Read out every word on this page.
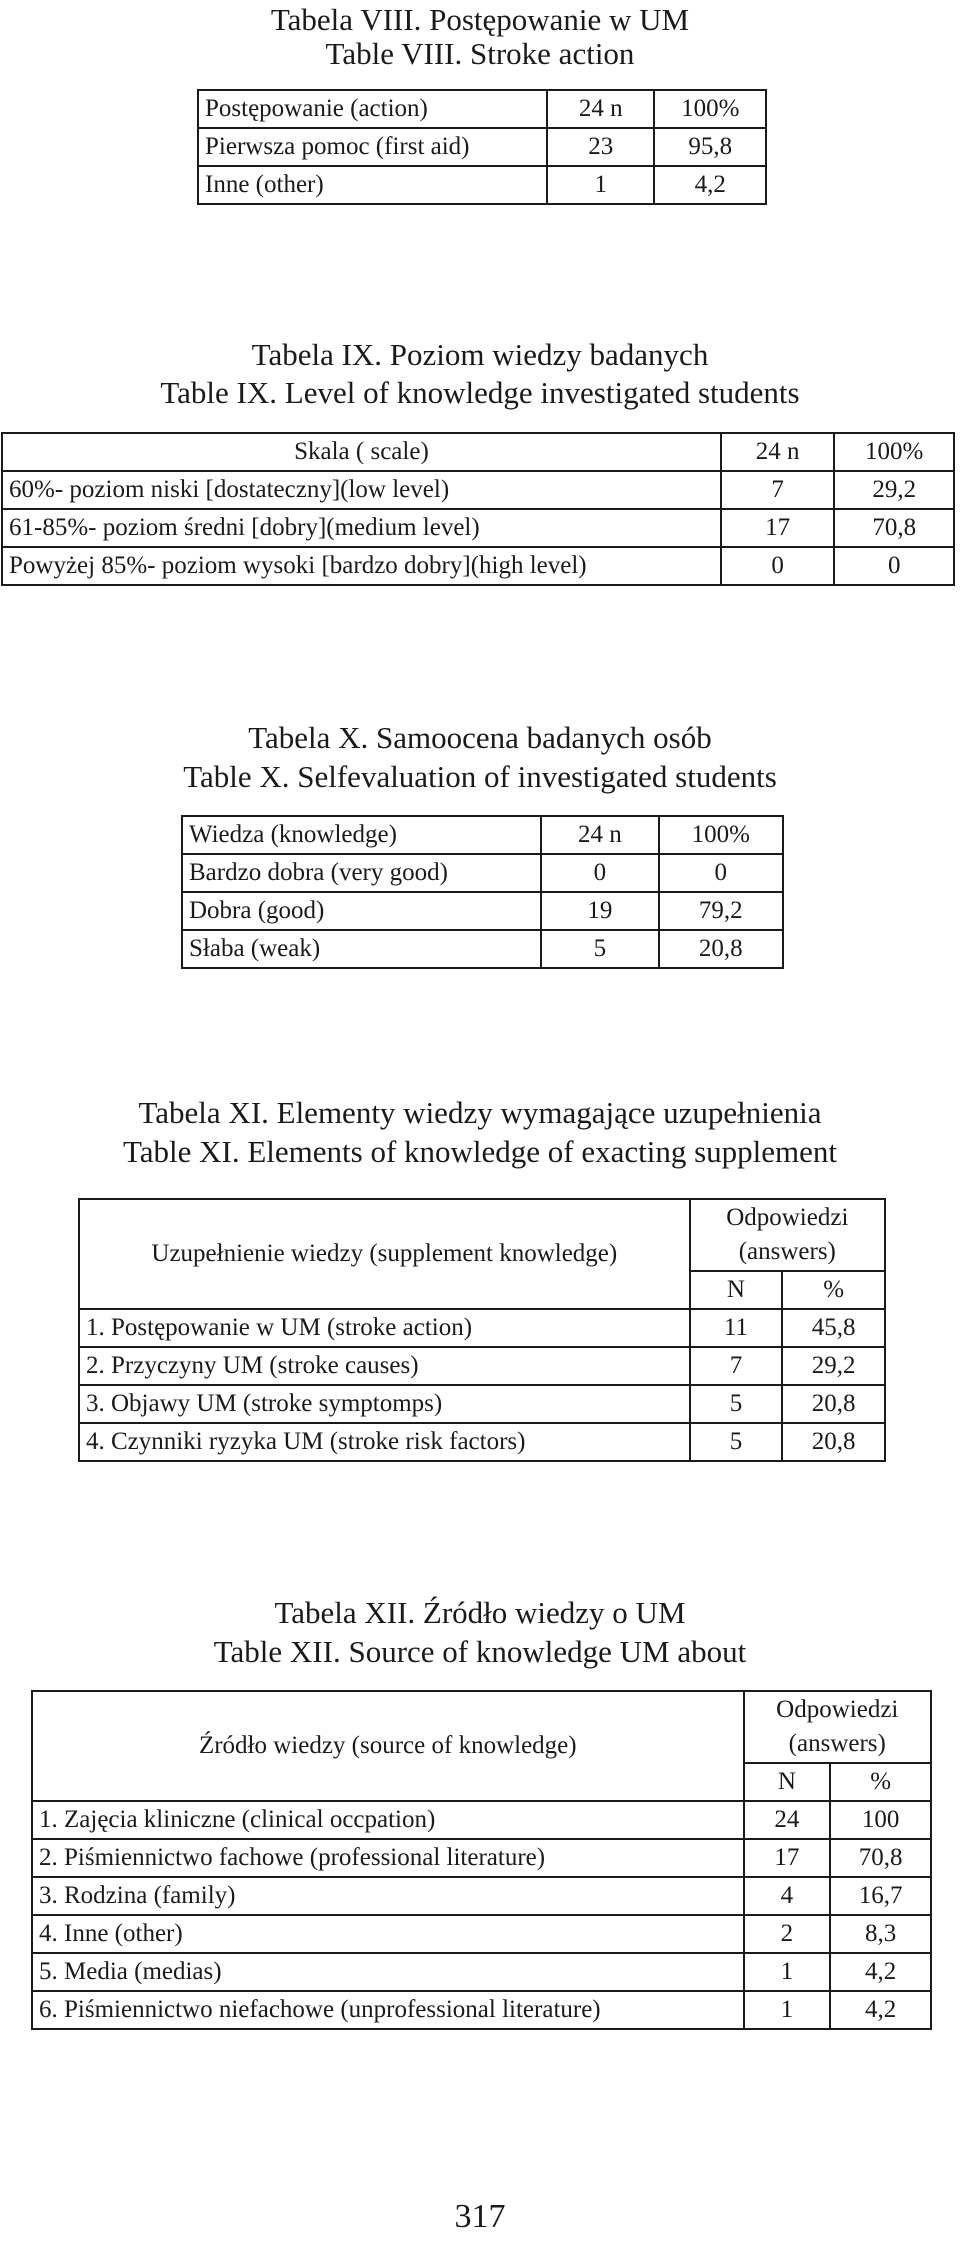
Tabela VIII. Postępowanie w UM
Table VIII. Stroke action
Postępowanie (action)	24 n	100%
Pierwsza pomoc (first aid)	23	95,8
Inne (other)	1	4,2
Tabela IX. Poziom wiedzy badanych
Table IX. Level of knowledge investigated students
Skala ( scale)	24 n	100%
60%- poziom niski [dostateczny](low level)	7	29,2
61-85%- poziom średni [dobry](medium level)	17	70,8
Powyżej 85%- poziom wysoki [bardzo dobry](high level)	0	0
Tabela X. Samoocena badanych osób
Table X. Selfevaluation of investigated students
Wiedza (knowledge)	24 n	100%
Bardzo dobra (very good)	0	0
Dobra (good)	19	79,2
Słaba (weak)	5	20,8
Tabela XI. Elementy wiedzy wymagające uzupełnienia
Table XI. Elements of knowledge of exacting supplement
Uzupełnienie wiedzy (supplement knowledge)	Odpowiedzi
(answers)	

	N	%
1. Postępowanie w UM (stroke action)	11	45,8
2. Przyczyny UM (stroke causes)	7	29,2
3. Objawy UM (stroke symptomps)	5	20,8
4. Czynniki ryzyka UM (stroke risk factors)	5	20,8
Tabela XII. Źródło wiedzy o UM
Table XII. Source of knowledge UM about
Źródło wiedzy (source of knowledge)	Odpowiedzi
(answers)	

	N	%
1. Zajęcia kliniczne (clinical occpation)	24	100
2. Piśmiennictwo fachowe (professional literature)	17	70,8
3. Rodzina (family)	4	16,7
4. Inne (other)	2	8,3
5. Media (medias)	1	4,2
6. Piśmiennictwo niefachowe (unprofessional literature)	1	4,2
317
